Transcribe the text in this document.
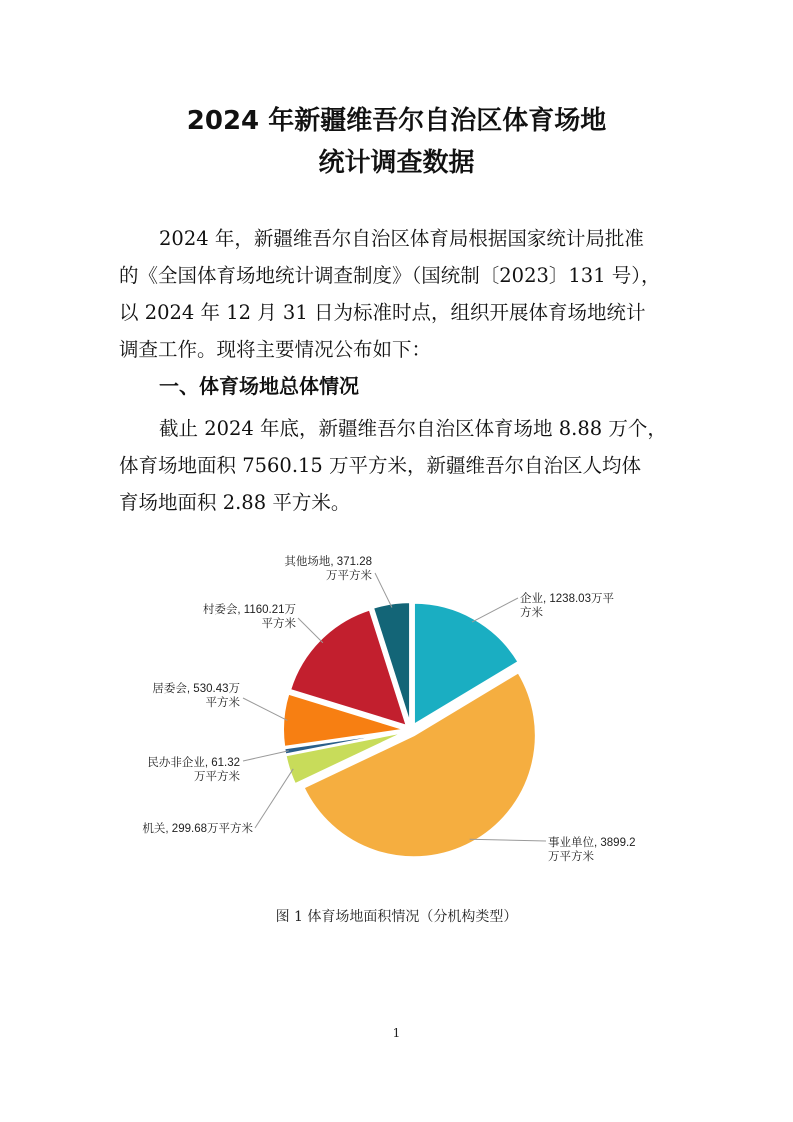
2024 年新疆维吾尔自治区体育场地
统计调查数据
2024 年，新疆维吾尔自治区体育局根据国家统计局批准
的《全国体育场地统计调查制度》（国统制〔2023〕131 号），
以 2024 年 12 月 31 日为标准时点，组织开展体育场地统计
调查工作。现将主要情况公布如下：
一、体育场地总体情况
截止 2024 年底，新疆维吾尔自治区体育场地 8.88 万个，
体育场地面积 7560.15 万平方米，新疆维吾尔自治区人均体
育场地面积 2.88 平方米。
企业, 1238.03万平方米
事业单位, 3899.2 万平方米
机关, 299.68万平方米
民办非企业, 61.32 万平方米
居委会, 530.43万平方米
村委会, 1160.21万平方米
其他场地, 371.28 万平方米
图 1 体育场地面积情况（分机构类型）
1
